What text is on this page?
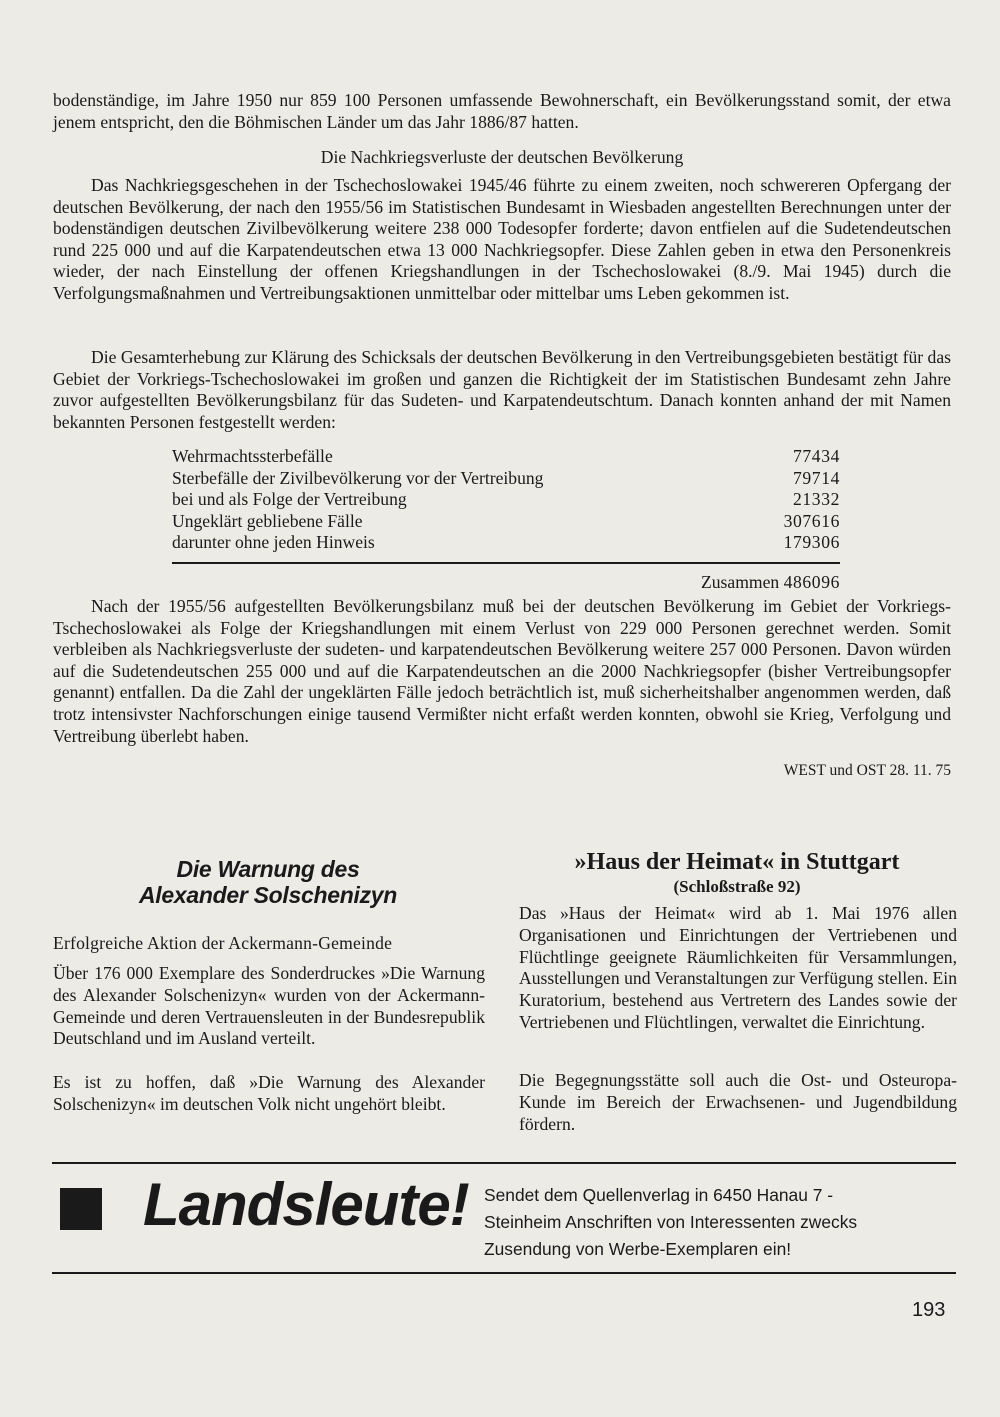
bodenständige, im Jahre 1950 nur 859 100 Personen umfassende Bewohnerschaft, ein Bevölkerungsstand somit, der etwa jenem entspricht, den die Böhmischen Länder um das Jahr 1886/87 hatten.

Die Nachkriegsverluste der deutschen Bevölkerung

Das Nachkriegsgeschehen in der Tschechoslowakei 1945/46 führte zu einem zweiten, noch schwereren Opfergang der deutschen Bevölkerung, der nach den 1955/56 im Statistischen Bundesamt in Wiesbaden angestellten Berechnungen unter der bodenständigen deutschen Zivilbevölkerung weitere 238 000 Todesopfer forderte; davon entfielen auf die Sudetendeutschen rund 225 000 und auf die Karpatendeutschen etwa 13 000 Nachkriegsopfer. Diese Zahlen geben in etwa den Personenkreis wieder, der nach Einstellung der offenen Kriegshandlungen in der Tschechoslowakei (8./9. Mai 1945) durch die Verfolgungsmaßnahmen und Vertreibungsaktionen unmittelbar oder mittelbar ums Leben gekommen ist.

Die Gesamterhebung zur Klärung des Schicksals der deutschen Bevölkerung in den Vertreibungsgebieten bestätigt für das Gebiet der Vorkriegs-Tschechoslowakei im großen und ganzen die Richtigkeit der im Statistischen Bundesamt zehn Jahre zuvor aufgestellten Bevölkerungsbilanz für das Sudeten- und Karpatendeutschtum. Danach konnten anhand der mit Namen bekannten Personen festgestellt werden:

Wehrmachtssterbefälle	77434
Sterbefälle der Zivilbevölkerung vor der Vertreibung	79714
bei und als Folge der Vertreibung	21332
Ungeklärt gebliebene Fälle	307616
darunter ohne jeden Hinweis	179306
Zusammen 486096

Nach der 1955/56 aufgestellten Bevölkerungsbilanz muß bei der deutschen Bevölkerung im Gebiet der Vorkriegs-Tschechoslowakei als Folge der Kriegshandlungen mit einem Verlust von 229 000 Personen gerechnet werden. Somit verbleiben als Nachkriegsverluste der sudeten- und karpatendeutschen Bevölkerung weitere 257 000 Personen. Davon würden auf die Sudetendeutschen 255 000 und auf die Karpatendeutschen an die 2000 Nachkriegsopfer (bisher Vertreibungsopfer genannt) entfallen. Da die Zahl der ungeklärten Fälle jedoch beträchtlich ist, muß sicherheitshalber angenommen werden, daß trotz intensivster Nachforschungen einige tausend Vermißter nicht erfaßt werden konnten, obwohl sie Krieg, Verfolgung und Vertreibung überlebt haben.

WEST und OST 28. 11. 75
Die Warnung des
Alexander Solschenizyn
Erfolgreiche Aktion der Ackermann-Gemeinde

Über 176 000 Exemplare des Sonderdruckes »Die Warnung des Alexander Solschenizyn« wurden von der Ackermann-Gemeinde und deren Vertrauensleuten in der Bundesrepublik Deutschland und im Ausland verteilt.

Es ist zu hoffen, daß »Die Warnung des Alexander Solschenizyn« im deutschen Volk nicht ungehört bleibt.

»Haus der Heimat« in Stuttgart
(Schloßstraße 92)

Das »Haus der Heimat« wird ab 1. Mai 1976 allen Organisationen und Einrichtungen der Vertriebenen und Flüchtlinge geeignete Räumlichkeiten für Versammlungen, Ausstellungen und Veranstaltungen zur Verfügung stellen. Ein Kuratorium, bestehend aus Vertretern des Landes sowie der Vertriebenen und Flüchtlingen, verwaltet die Einrichtung.

Die Begegnungsstätte soll auch die Ost- und Osteuropa-Kunde im Bereich der Erwachsenen- und Jugendbildung fördern.

Landsleute! Sendet dem Quellenverlag in 6450 Hanau 7 -
Steinheim Anschriften von Interessenten zwecks
Zusendung von Werbe-Exemplaren ein!
193
